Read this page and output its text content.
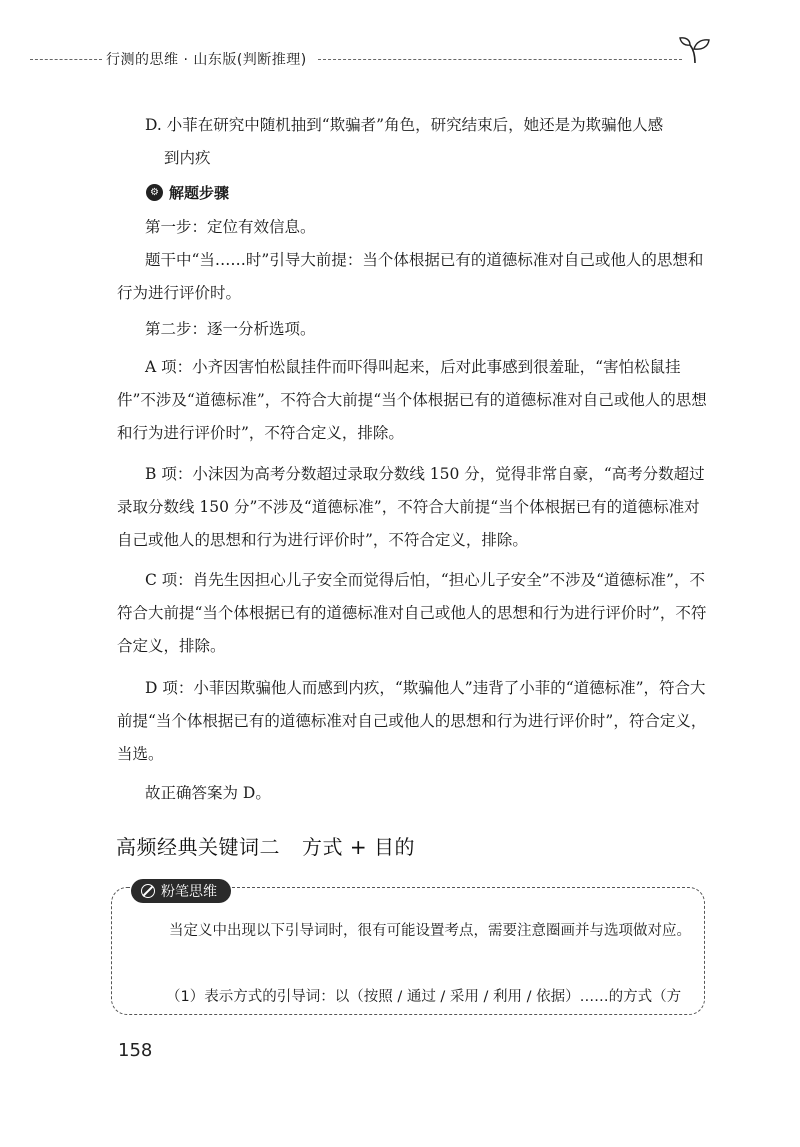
行测的思维 · 山东版(判断推理)

D. 小菲在研究中随机抽到“欺骗者”角色，研究结束后，她还是为欺骗他人感

到内疚

⚙ 解题步骤

第一步：定位有效信息。

题干中“当……时”引导大前提：当个体根据已有的道德标准对自己或他人的思想和行为进行评价时。

第二步：逐一分析选项。

A 项：小齐因害怕松鼠挂件而吓得叫起来，后对此事感到很羞耻，“害怕松鼠挂件”不涉及“道德标准”，不符合大前提“当个体根据已有的道德标准对自己或他人的思想和行为进行评价时”，不符合定义，排除。

B 项：小沫因为高考分数超过录取分数线 150 分，觉得非常自豪，“高考分数超过录取分数线 150 分”不涉及“道德标准”，不符合大前提“当个体根据已有的道德标准对自己或他人的思想和行为进行评价时”，不符合定义，排除。

C 项：肖先生因担心儿子安全而觉得后怕，“担心儿子安全”不涉及“道德标准”，不符合大前提“当个体根据已有的道德标准对自己或他人的思想和行为进行评价时”，不符合定义，排除。

D 项：小菲因欺骗他人而感到内疚，“欺骗他人”违背了小菲的“道德标准”，符合大前提“当个体根据已有的道德标准对自己或他人的思想和行为进行评价时”，符合定义，当选。

故正确答案为 D。

高频经典关键词二 方式 + 目的
粉笔思维

当定义中出现以下引导词时，很有可能设置考点，需要注意圈画并与选项做对应。

（1）表示方式的引导词：以（按照 / 通过 / 采用 / 利用 / 依据）……的方式（方

158
